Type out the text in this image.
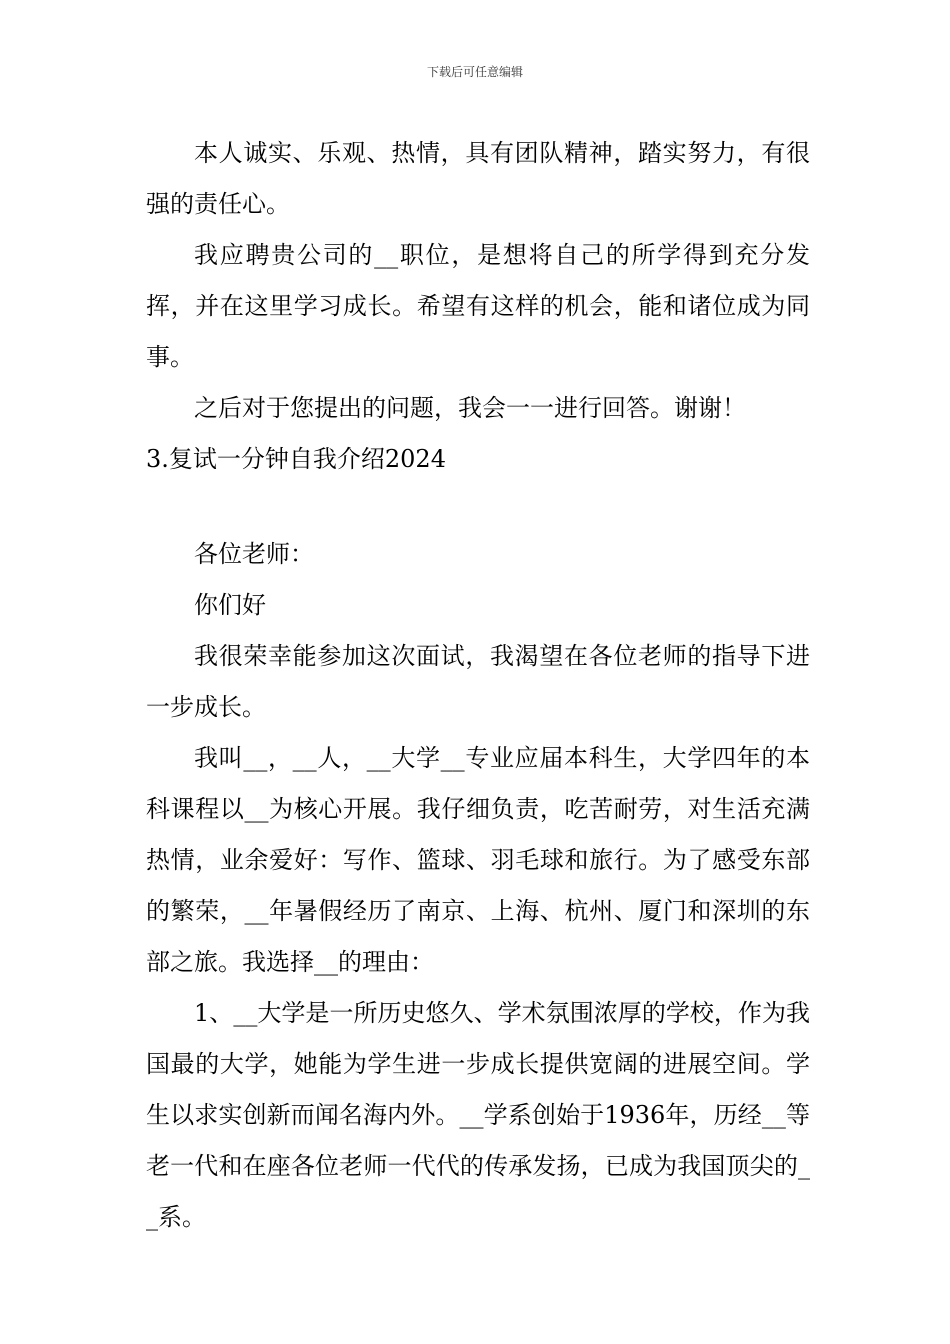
下载后可任意编辑

本人诚实、乐观、热情，具有团队精神，踏实努力，有很强的责任心。

我应聘贵公司的__职位，是想将自己的所学得到充分发挥，并在这里学习成长。希望有这样的机会，能和诸位成为同事。

之后对于您提出的问题，我会一一进行回答。谢谢！

3.复试一分钟自我介绍2024

各位老师：

你们好

我很荣幸能参加这次面试，我渴望在各位老师的指导下进一步成长。

我叫__，__人，__大学__专业应届本科生，大学四年的本科课程以__为核心开展。我仔细负责，吃苦耐劳，对生活充满热情，业余爱好：写作、篮球、羽毛球和旅行。为了感受东部的繁荣，__年暑假经历了南京、上海、杭州、厦门和深圳的东部之旅。我选择__的理由：

1、__大学是一所历史悠久、学术氛围浓厚的学校，作为我国最的大学，她能为学生进一步成长提供宽阔的进展空间。学生以求实创新而闻名海内外。__学系创始于1936年，历经__等老一代和在座各位老师一代代的传承发扬，已成为我国顶尖的__系。
